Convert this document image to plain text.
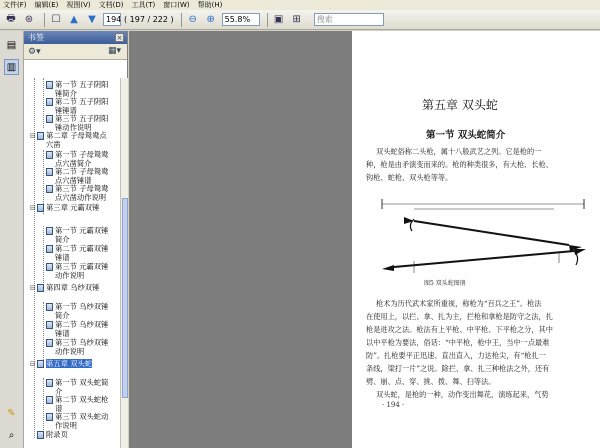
文件(F) 编辑(E) 视图(V) 文档(D) 工具(T) 窗口(W) 帮助(H)
🖶 ⊛ ☐ ▲	▼	194 ( 197 / 222 ) ⊖ ⊕	55.8%	▣ ⊞	搜索
▤
▥
✎
⌕
书签	×
⚙▾	▦▾
第一节 五子阴阳
锤简介
第二节 五子阴阳
锤锤谱
第三节 五子阴阳
锤动作说明
⊟ 第二章 子母鸳鸯点
穴凿
第一节 子母鸳鸯
点穴凿简介
第二节 子母鸳鸯
点穴凿锤谱
第三节 子母鸳鸯
点穴凿动作说明
⊟ 第三章 元霸双锤
第一节 元霸双锤
简介
第二节 元霸双锤
锤谱
第三节 元霸双锤
动作说明
⊟ 第四章 乌纱双锤
第一节 乌纱双锤
简介
第二节 乌纱双锤
锤谱
第三节 乌纱双锤
动作说明
⊟ 第五章 双头蛇
第一节 双头蛇简
介
第二节 双头蛇枪
谱
第三节 双头蛇动
作说明
附录页
第五章 双头蛇
第一节 双头蛇简介
双头蛇俗称二头枪，属十八般武艺之列。它是枪的一
种，枪是由矛演变而来的。枪的种类很多，有大枪、长枪、
钩枪、蛇枪、双头枪等等。
图5 双头蛇图册
枪术为历代武术家所重视，称枪为“百兵之王”。枪法
在使用上，以拦、拿、扎为主，拦枪和拿枪是防守之法，扎
枪是进攻之法。枪法有上平枪、中平枪、下平枪之分，其中
以中平枪为要法，俗话：“中平枪，枪中王，当中一点最难
防”。扎枪要平正迅速、直出直入，力达枪尖，有“枪扎一
条线，梁打一片”之说。除拦、拿、扎三种枪法之外，还有
劈、崩、点、穿、挑、拨、舞、扫等法。
双头蛇，是枪的一种，动作变出舞花，演练起来，气势
· 194 ·
